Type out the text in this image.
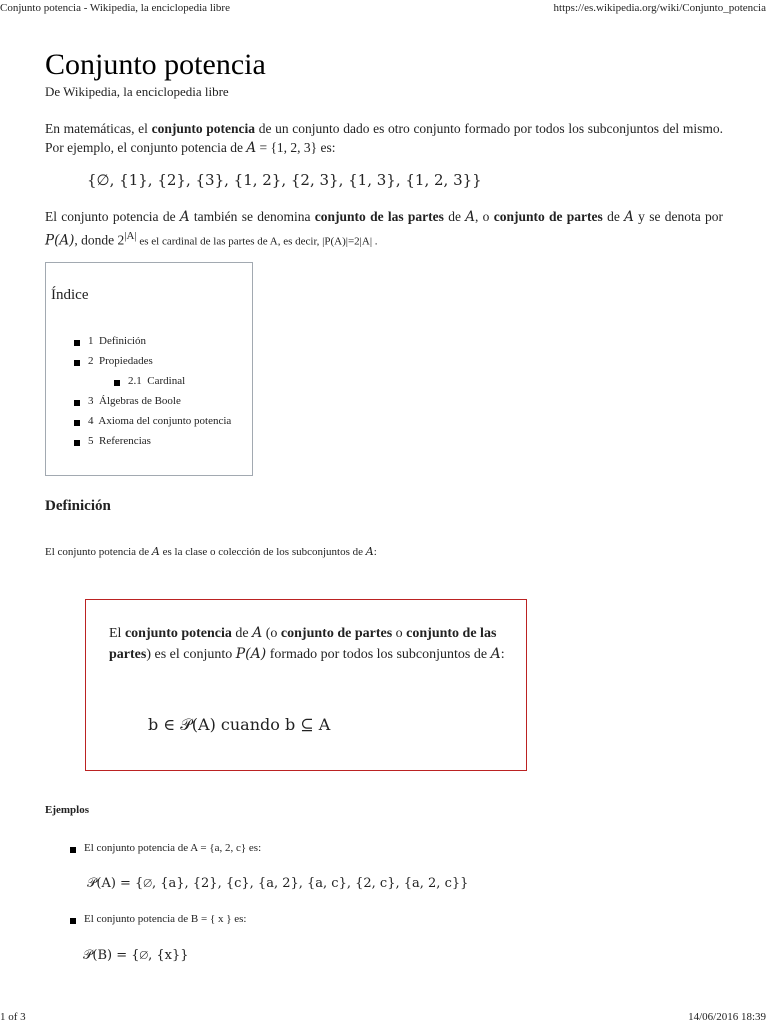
Conjunto potencia - Wikipedia, la enciclopedia libre	https://es.wikipedia.org/wiki/Conjunto_potencia
Conjunto potencia
De Wikipedia, la enciclopedia libre
En matemáticas, el conjunto potencia de un conjunto dado es otro conjunto formado por todos los subconjuntos del mismo. Por ejemplo, el conjunto potencia de A = {1, 2, 3} es:
{∅, {1}, {2}, {3}, {1, 2}, {2, 3}, {1, 3}, {1, 2, 3}}
El conjunto potencia de A también se denomina conjunto de las partes de A, o conjunto de partes de A y se denota por P(A), donde $2^{|A|}$ es el cardinal de las partes de A, es decir, |P(A)|=2|A| .
Índice
1 Definición
2 Propiedades
2.1 Cardinal
3 Álgebras de Boole
4 Axioma del conjunto potencia
5 Referencias
Definición
El conjunto potencia de A es la clase o colección de los subconjuntos de A:
El conjunto potencia de A (o conjunto de partes o conjunto de las partes) es el conjunto P(A) formado por todos los subconjuntos de A:
b ∈ 𝒫(A) cuando b ⊆ A
Ejemplos
El conjunto potencia de A = {a, 2, c} es:
𝒫(A) = {∅, {a}, {2}, {c}, {a, 2}, {a, c}, {2, c}, {a, 2, c}}
El conjunto potencia de B = { x } es:
𝒫(B) = {∅, {x}}
1 of 3	14/06/2016 18:39
